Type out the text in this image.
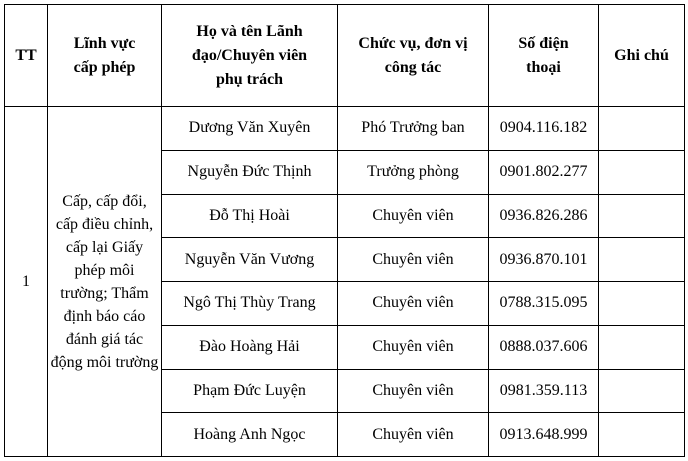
TT	Lĩnh vực cấp phép	Họ và tên Lãnh đạo/Chuyên viên phụ trách	Chức vụ, đơn vị công tác	Số điện thoại	Ghi chú
1	Cấp, cấp đổi, cấp điều chỉnh, cấp lại Giấy phép môi trường; Thẩm định báo cáo đánh giá tác động môi trường	Dương Văn Xuyên	Phó Trưởng ban	0904.116.182	
		Nguyễn Đức Thịnh	Trưởng phòng	0901.802.277	
		Đỗ Thị Hoài	Chuyên viên	0936.826.286	
		Nguyễn Văn Vương	Chuyên viên	0936.870.101	
		Ngô Thị Thùy Trang	Chuyên viên	0788.315.095	
		Đào Hoàng Hải	Chuyên viên	0888.037.606	
		Phạm Đức Luyện	Chuyên viên	0981.359.113	
		Hoàng Anh Ngọc	Chuyên viên	0913.648.999	
